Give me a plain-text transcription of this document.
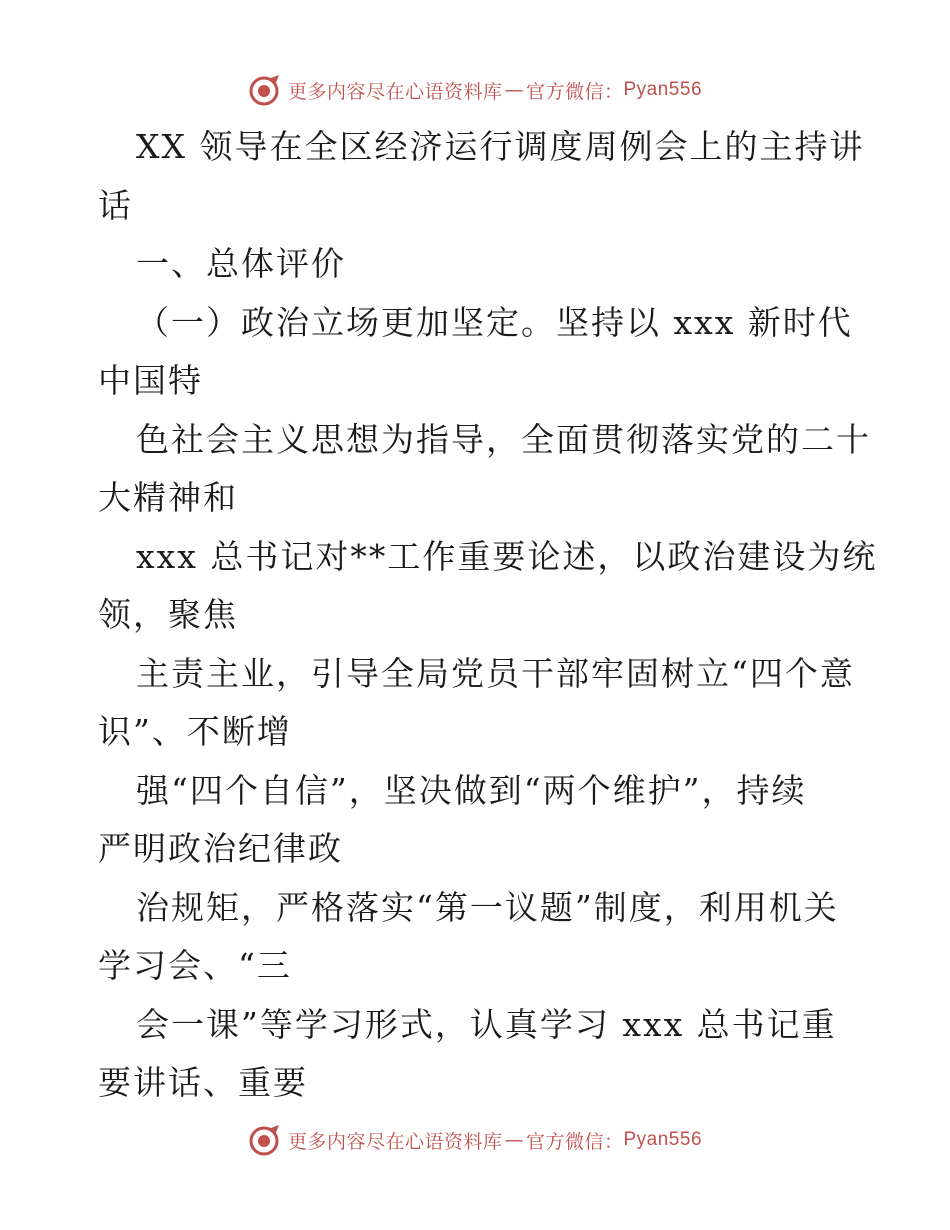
更多内容尽在心语资料库 — 官方微信： Pyan556
XX 领导在全区经济运行调度周例会上的主持讲
话
一、总体评价
（一）政治立场更加坚定。坚持以 xxx 新时代
中国特
色社会主义思想为指导，全面贯彻落实党的二十
大精神和
xxx 总书记对**工作重要论述，以政治建设为统
领，聚焦
主责主业，引导全局党员干部牢固树立“四个意
识”、不断增
强“四个自信”，坚决做到“两个维护”，持续
严明政治纪律政
治规矩，严格落实“第一议题”制度，利用机关
学习会、“三
会一课”等学习形式，认真学习 xxx 总书记重
要讲话、重要
更多内容尽在心语资料库 — 官方微信： Pyan556
